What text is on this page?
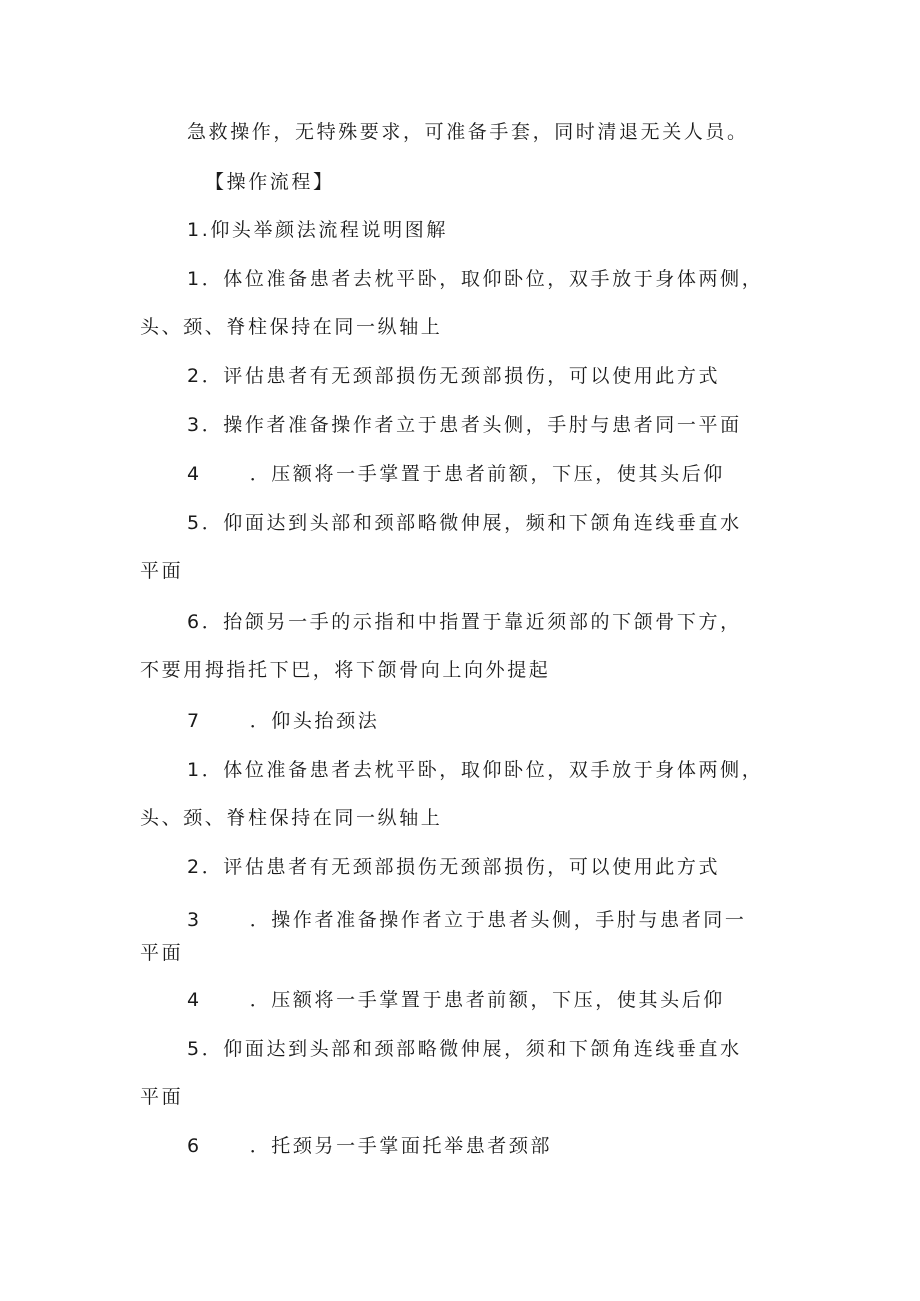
急救操作，无特殊要求，可准备手套，同时清退无关人员。
【操作流程】
1.仰头举颜法流程说明图解
1．体位准备患者去枕平卧，取仰卧位，双手放于身体两侧，
头、颈、脊柱保持在同一纵轴上
2．评估患者有无颈部损伤无颈部损伤，可以使用此方式
3．操作者准备操作者立于患者头侧，手肘与患者同一平面
4	．压额将一手掌置于患者前额，下压，使其头后仰
5．仰面达到头部和颈部略微伸展，频和下颌角连线垂直水
平面
6．抬颌另一手的示指和中指置于靠近须部的下颌骨下方，
不要用拇指托下巴，将下颌骨向上向外提起
7	．仰头抬颈法
1．体位准备患者去枕平卧，取仰卧位，双手放于身体两侧，
头、颈、脊柱保持在同一纵轴上
2．评估患者有无颈部损伤无颈部损伤，可以使用此方式
3	．操作者准备操作者立于患者头侧，手肘与患者同一
平面
4	．压额将一手掌置于患者前额，下压，使其头后仰
5．仰面达到头部和颈部略微伸展，须和下颌角连线垂直水
平面
6	．托颈另一手掌面托举患者颈部
